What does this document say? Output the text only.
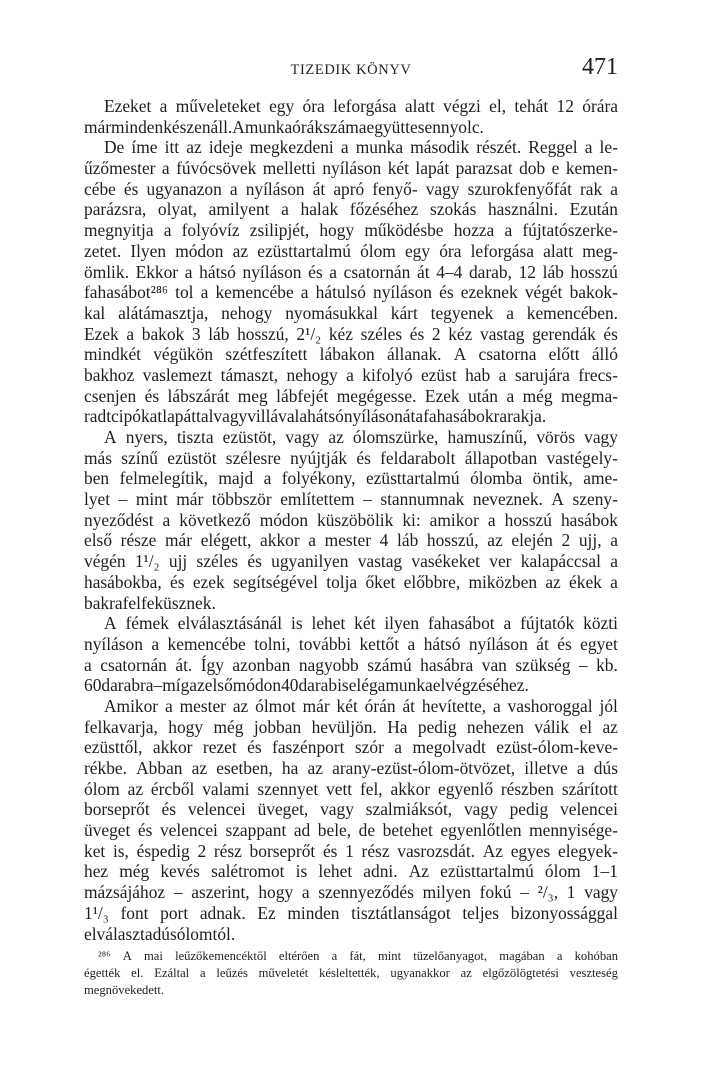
TIZEDIK KÖNYV	471
Ezeket a műveleteket egy óra leforgása alatt végzi el, tehát 12 órára
már minden készen áll. A munkaórák száma együttesen nyolc.
De íme itt az ideje megkezdeni a munka második részét. Reggel a le-
űzőmester a fúvócsövek melletti nyíláson két lapát parazsat dob e kemen-
cébe és ugyanazon a nyíláson át apró fenyő- vagy szurokfenyőfát rak a
parázsra, olyat, amilyent a halak főzéséhez szokás használni. Ezután
megnyitja a folyóvíz zsilipjét, hogy működésbe hozza a fújtatószerke-
zetet. Ilyen módon az ezüsttartalmú ólom egy óra leforgása alatt meg-
ömlik. Ekkor a hátsó nyíláson és a csatornán át 4–4 darab, 12 láb hosszú
fahasábot²⁸⁶ tol a kemencébe a hátulsó nyíláson és ezeknek végét bakok-
kal alátámasztja, nehogy nyomásukkal kárt tegyenek a kemencében.
Ezek a bakok 3 láb hosszú, 2¹/₂ kéz széles és 2 kéz vastag gerendák és
mindkét végükön szétfeszített lábakon állanak. A csatorna előtt álló
bakhoz vaslemezt támaszt, nehogy a kifolyó ezüst hab a sarujára frecs-
csenjen és lábszárát meg lábfejét megégesse. Ezek után a még megma-
radt cipókat lapáttal vagy villával a hátsó nyíláson át a fahasábokra rakja.
A nyers, tiszta ezüstöt, vagy az ólomszürke, hamuszínű, vörös vagy
más színű ezüstöt szélesre nyújtják és feldarabolt állapotban vastégely-
ben felmelegítik, majd a folyékony, ezüsttartalmú ólomba öntik, ame-
lyet – mint már többször említettem – stannumnak neveznek. A szeny-
nyeződést a következő módon küszöbölik ki: amikor a hosszú hasábok
első része már elégett, akkor a mester 4 láb hosszú, az elején 2 ujj, a
végén 1¹/₂ ujj széles és ugyanilyen vastag vasékeket ver kalapáccsal a
hasábokba, és ezek segítségével tolja őket előbbre, miközben az ékek a
bakra felfeküsznek.
A fémek elválasztásánál is lehet két ilyen fahasábot a fújtatók közti
nyíláson a kemencébe tolni, további kettőt a hátsó nyíláson át és egyet
a csatornán át. Így azonban nagyobb számú hasábra van szükség – kb.
60 darabra – míg az első módon 40 darab is elég a munka elvégzéséhez.
Amikor a mester az ólmot már két órán át hevítette, a vashoroggal jól
felkavarja, hogy még jobban hevüljön. Ha pedig nehezen válik el az
ezüsttől, akkor rezet és faszénport szór a megolvadt ezüst-ólom-keve-
rékbe. Abban az esetben, ha az arany-ezüst-ólom-ötvözet, illetve a dús
ólom az ércből valami szennyet vett fel, akkor egyenlő részben szárított
borseprőt és velencei üveget, vagy szalmiáksót, vagy pedig velencei
üveget és velencei szappant ad bele, de betehet egyenlőtlen mennyisége-
ket is, éspedig 2 rész borseprőt és 1 rész vasrozsdát. Az egyes elegyek-
hez még kevés salétromot is lehet adni. Az ezüsttartalmú ólom 1–1
mázsájához – aszerint, hogy a szennyeződés milyen fokú – ²/₃, 1 vagy
1¹/₃ font port adnak. Ez minden tisztátlanságot teljes bizonyossággal
elválaszt a dús ólomtól.
²⁸⁶ A mai leűzőkemencéktől eltérően a fát, mint tüzelőanyagot, magában a kohóban
égették el. Ezáltal a leűzés műveletét késleltették, ugyanakkor az elgőzölögtetési veszteség
megnövekedett.
